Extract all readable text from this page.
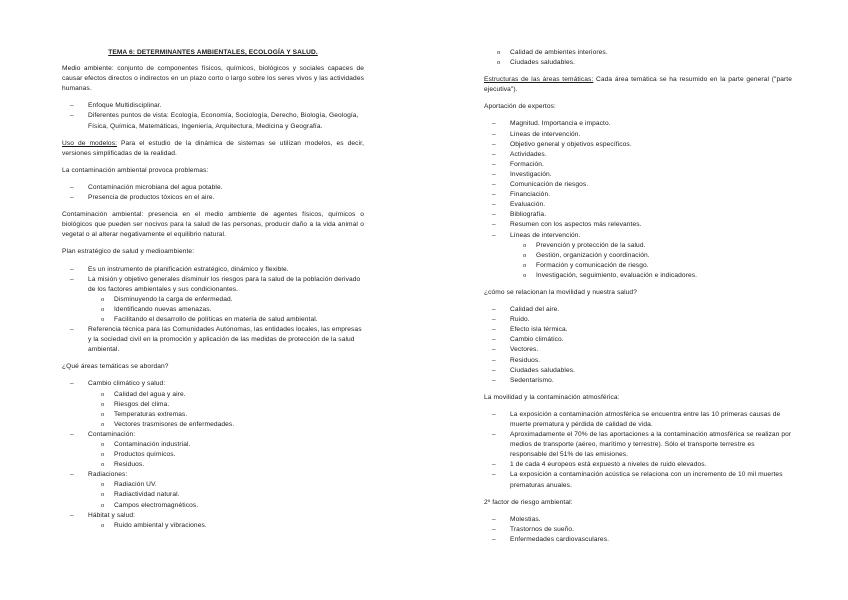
TEMA 6: DETERMINANTES AMBIENTALES, ECOLOGÍA Y SALUD.

Medio ambiente: conjunto de componentes físicos, químicos, biológicos y sociales capaces de causar efectos directos o indirectos en un plazo corto o largo sobre los seres vivos y las actividades humanas.

– Enfoque Multidisciplinar.
– Diferentes puntos de vista: Ecología, Economía, Sociología, Derecho, Biología, Geología, Física, Química, Matemáticas, Ingeniería, Arquitectura, Medicina y Geografía.

Uso de modelos: Para el estudio de la dinámica de sistemas se utilizan modelos, es decir, versiones simplificadas de la realidad.

La contaminación ambiental provoca problemas:

– Contaminación microbiana del agua potable.
– Presencia de productos tóxicos en el aire.

Contaminación ambiental: presencia en el medio ambiente de agentes físicos, químicos o biológicos que pueden ser nocivos para la salud de las personas, producir daño a la vida animal o vegetal o al alterar negativamente el equilibrio natural.

Plan estratégico de salud y medioambiente:

– Es un instrumento de planificación estratégico, dinámico y flexible.
– La misión y objetivo generales disminuir los riesgos para la salud de la población derivado de los factores ambientales y sus condicionantes.
o Disminuyendo la carga de enfermedad.
o Identificando nuevas amenazas.
o Facilitando el desarrollo de políticas en materia de salud ambiental.
– Referencia técnica para las Comunidades Autónomas, las entidades locales, las empresas y la sociedad civil en la promoción y aplicación de las medidas de protección de la salud ambiental.

¿Qué áreas temáticas se abordan?

– Cambio climático y salud:
o Calidad del agua y aire.
o Riesgos del clima.
o Temperaturas extremas.
o Vectores trasmisores de enfermedades.
– Contaminación:
o Contaminación industrial.
o Productos químicos.
o Residuos.
– Radiaciones:
o Radiación UV.
o Radiactividad natural.
o Campos electromagnéticos.
– Hábitat y salud:
o Ruido ambiental y vibraciones.
o Calidad de ambientes interiores.
o Ciudades saludables.

Estructuras de las áreas temáticas: Cada área temática se ha resumido en la parte general ("parte ejecutiva").

Aportación de expertos:

– Magnitud. Importancia e impacto.
– Líneas de intervención.
– Objetivo general y objetivos específicos.
– Actividades.
– Formación.
– Investigación.
– Comunicación de riesgos.
– Financiación.
– Evaluación.
– Bibliografía.
– Resumen con los aspectos más relevantes.
– Líneas de intervención.
o Prevención y protección de la salud.
o Gestión, organización y coordinación.
o Formación y comunicación de riesgo.
o Investigación, seguimiento, evaluación e indicadores.

¿cómo se relacionan la movilidad y nuestra salud?

– Calidad del aire.
– Ruido.
– Efecto isla térmica.
– Cambio climático.
– Vectores.
– Residuos.
– Ciudades saludables.
– Sedentarismo.

La movilidad y la contaminación atmosférica:

– La exposición a contaminación atmosférica se encuentra entre las 10 primeras causas de muerte prematura y pérdida de calidad de vida.
– Aproximadamente el 70% de las aportaciones a la contaminación atmosférica se realizan por medios de transporte (aéreo, marítimo y terrestre). Sólo el transporte terrestre es responsable del 51% de las emisiones.
– 1 de cada 4 europeos está expuesto a niveles de ruido elevados.
– La exposición a contaminación acústica se relaciona con un incremento de 10 mil muertes prematuras anuales.

2º factor de riesgo ambiental:

– Molestias.
– Trastornos de sueño.
– Enfermedades cardiovasculares.
